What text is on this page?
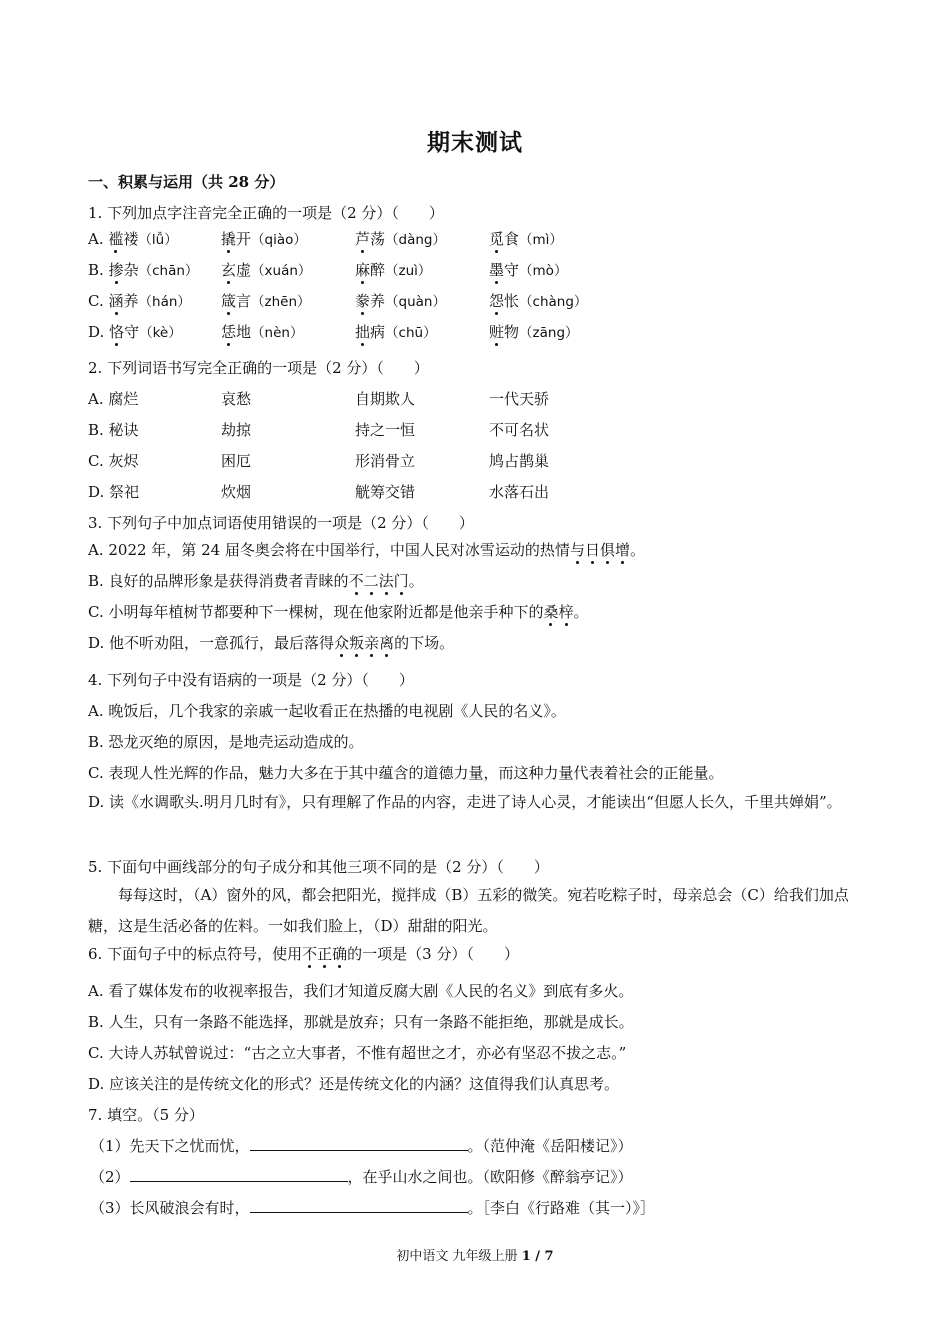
期末测试
一、积累与运用（共 28 分）
1. 下列加点字注音完全正确的一项是（2 分）（　　）
A. 褴褛（lǚ）	撬开（qiào）	芦荡（dàng）	觅食（mì）
B. 掺杂（chān） 玄虚（xuán）	麻醉（zuì）	墨守（mò）
C. 涵养（hán） 箴言（zhēn）	豢养（quàn）	怨怅（chàng）
D. 恪守（kè）	恁地（nèn）	拙病（chū）	赃物（zāng）
2. 下列词语书写完全正确的一项是（2 分）（　　）
A. 腐烂	哀愁	自期欺人	一代天骄
B. 秘诀	劫掠	持之一恒	不可名状
C. 灰烬	困厄	形消骨立	鸠占鹊巢
D. 祭祀	炊烟	觥筹交错	水落石出
3. 下列句子中加点词语使用错误的一项是（2 分）（　　）
A. 2022 年，第 24 届冬奥会将在中国举行，中国人民对冰雪运动的热情与日俱增。
B. 良好的品牌形象是获得消费者青睐的不二法门。
C. 小明每年植树节都要种下一棵树，现在他家附近都是他亲手种下的桑梓。
D. 他不听劝阻，一意孤行，最后落得众叛亲离的下场。
4. 下列句子中没有语病的一项是（2 分）（　　）
A. 晚饭后，几个我家的亲戚一起收看正在热播的电视剧《人民的名义》。
B. 恐龙灭绝的原因，是地壳运动造成的。
C. 表现人性光辉的作品，魅力大多在于其中蕴含的道德力量，而这种力量代表着社会的正能量。
D. 读《水调歌头.明月几时有》，只有理解了作品的内容，走进了诗人心灵，才能读出“但愿人长久，千里共婵娟”。
5. 下面句中画线部分的句子成分和其他三项不同的是（2 分）（　　）
每每这时，（A）窗外的风，都会把阳光，搅拌成（B）五彩的微笑。宛若吃粽子时，母亲总会（C）给我们加点糖，这是生活必备的佐料。一如我们脸上，（D）甜甜的阳光。
6. 下面句子中的标点符号，使用不正确的一项是（3 分）（　　）
A. 看了媒体发布的收视率报告，我们才知道反腐大剧《人民的名义》到底有多火。
B. 人生，只有一条路不能选择，那就是放弃；只有一条路不能拒绝，那就是成长。
C. 大诗人苏轼曾说过：“古之立大事者，不惟有超世之才，亦必有坚忍不拔之志。”
D. 应该关注的是传统文化的形式？还是传统文化的内涵？这值得我们认真思考。
7. 填空。（5 分）
（1）先天下之忧而忧，	。（范仲淹《岳阳楼记》）
（2）	，在乎山水之间也。（欧阳修《醉翁亭记》）
（3）长风破浪会有时，	。［李白《行路难（其一）》］
初中语文 九年级上册 1 / 7
